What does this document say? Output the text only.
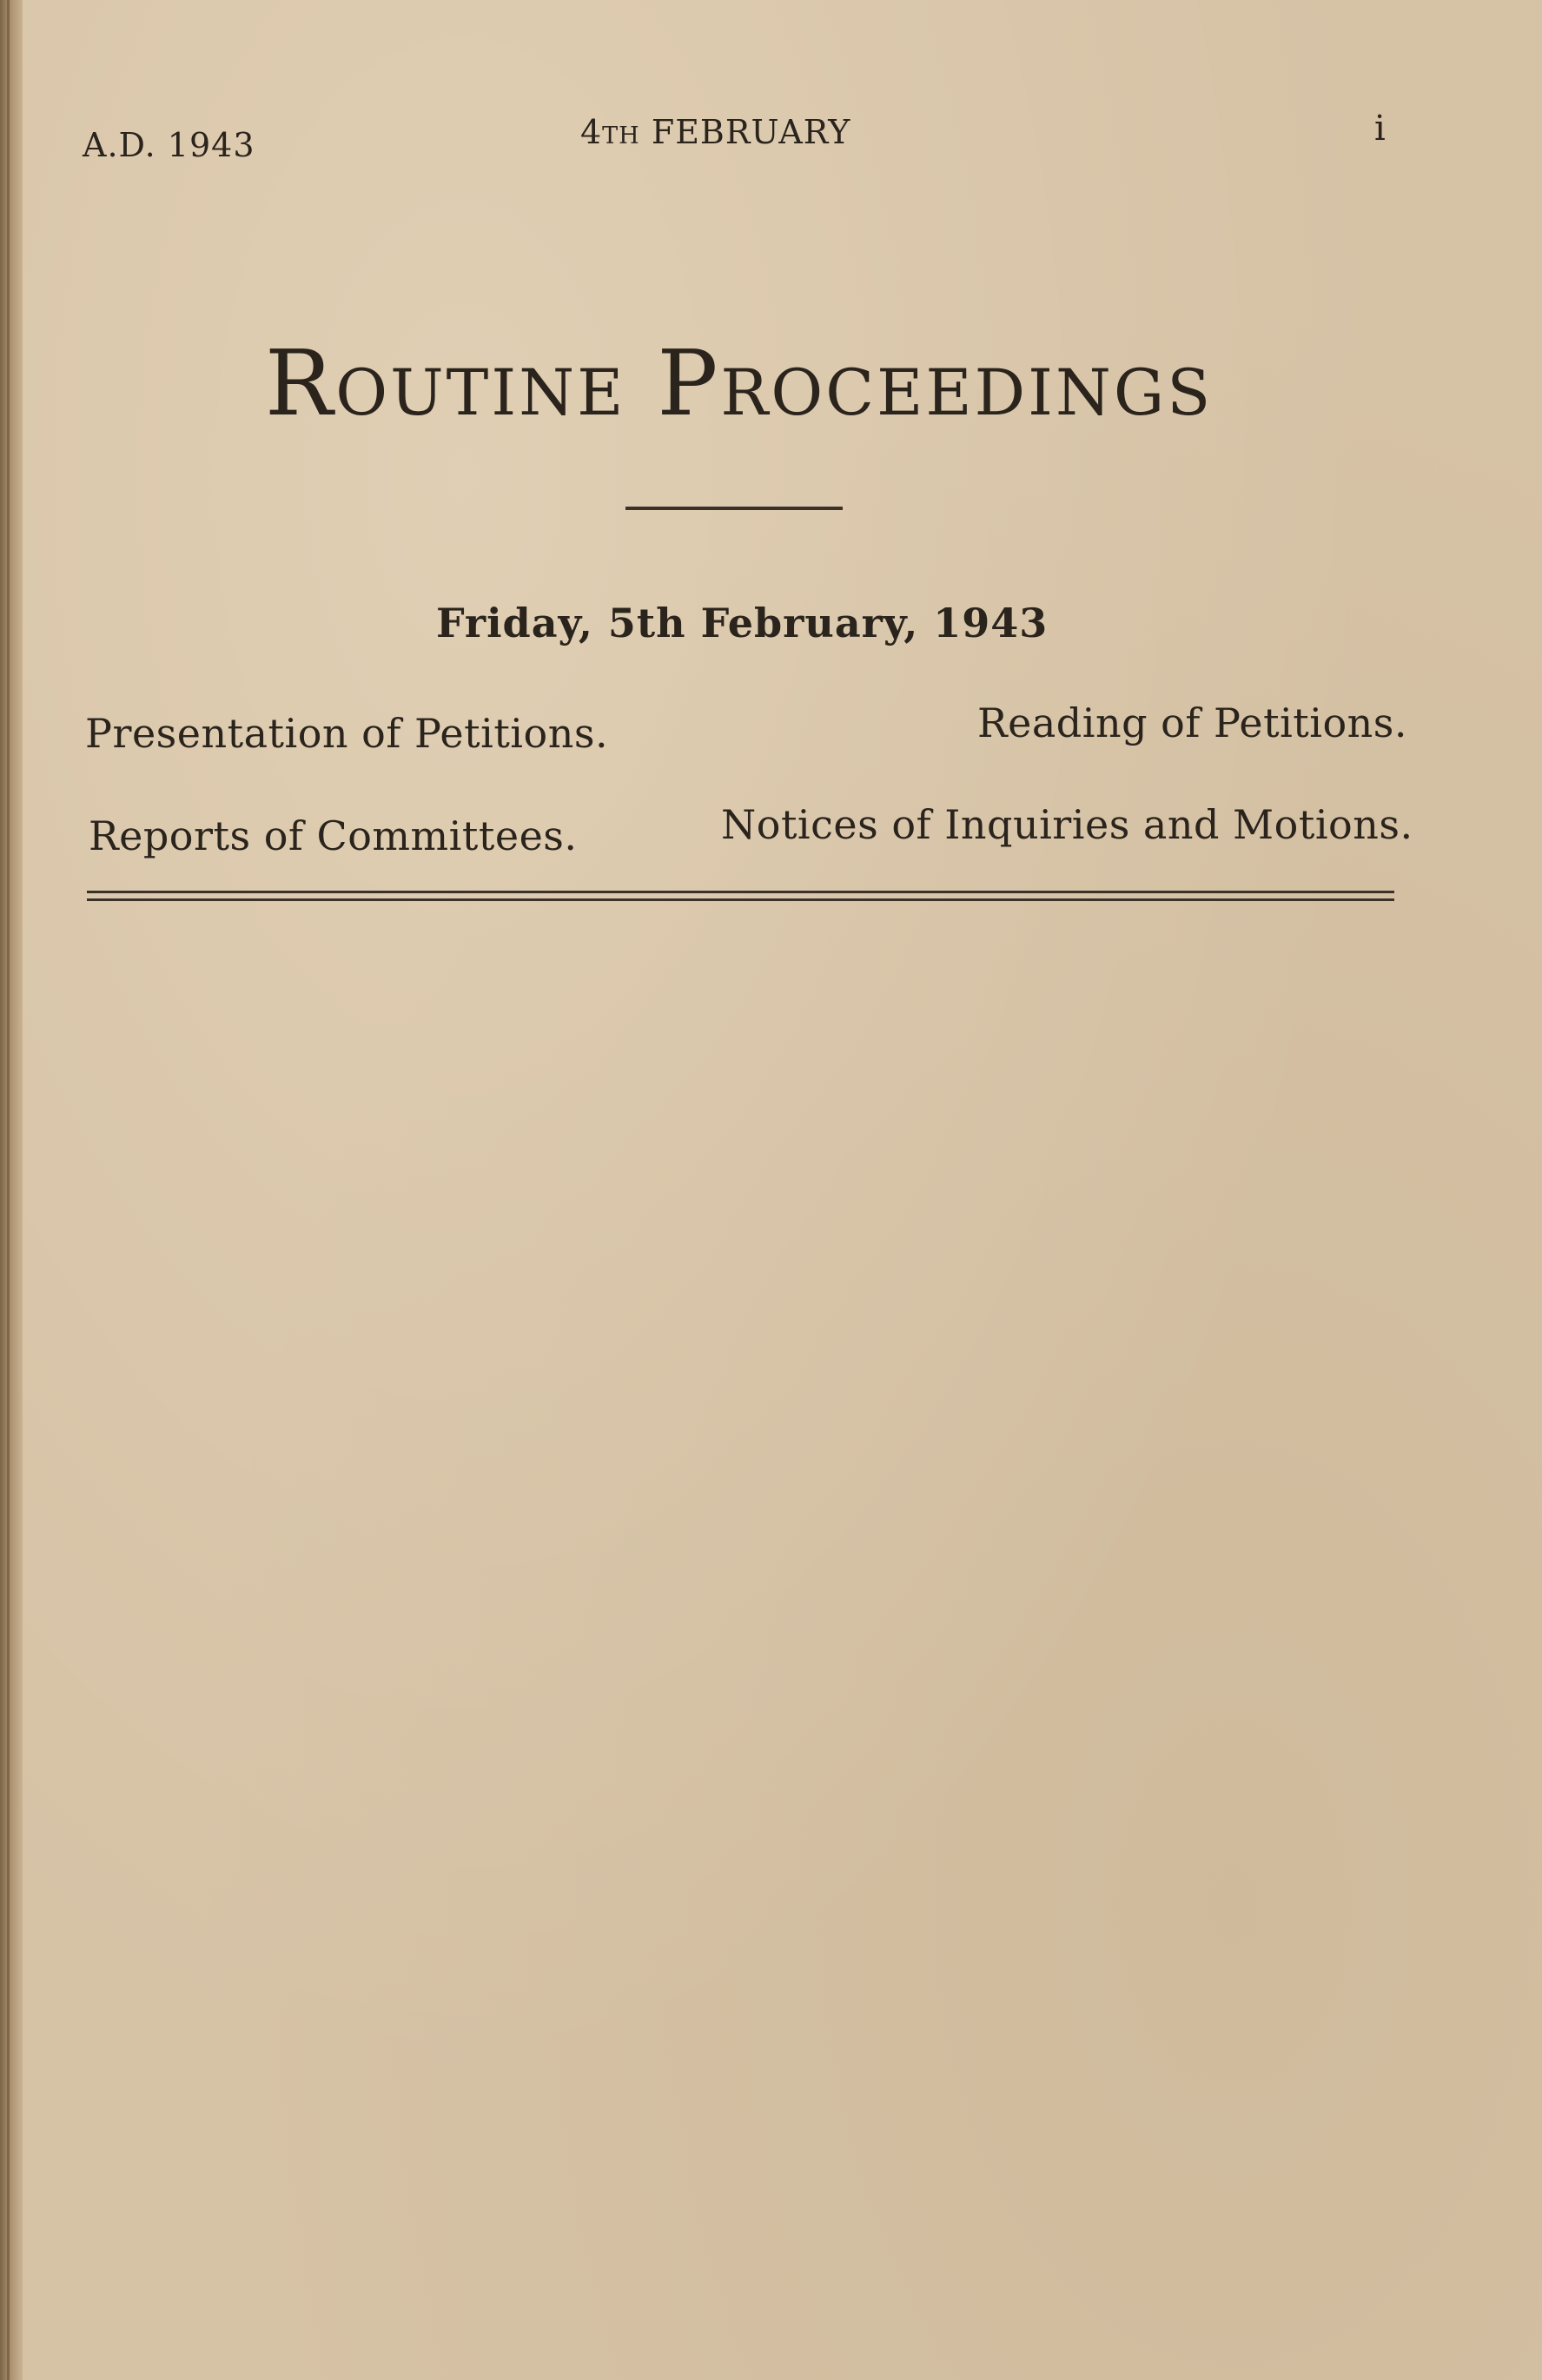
A.D. 1943	4th FEBRUARY	i
Routine Proceedings
Friday, 5th February, 1943
Presentation of Petitions.	Reading of Petitions.
Reports of Committees.	Notices of Inquiries and Motions.
